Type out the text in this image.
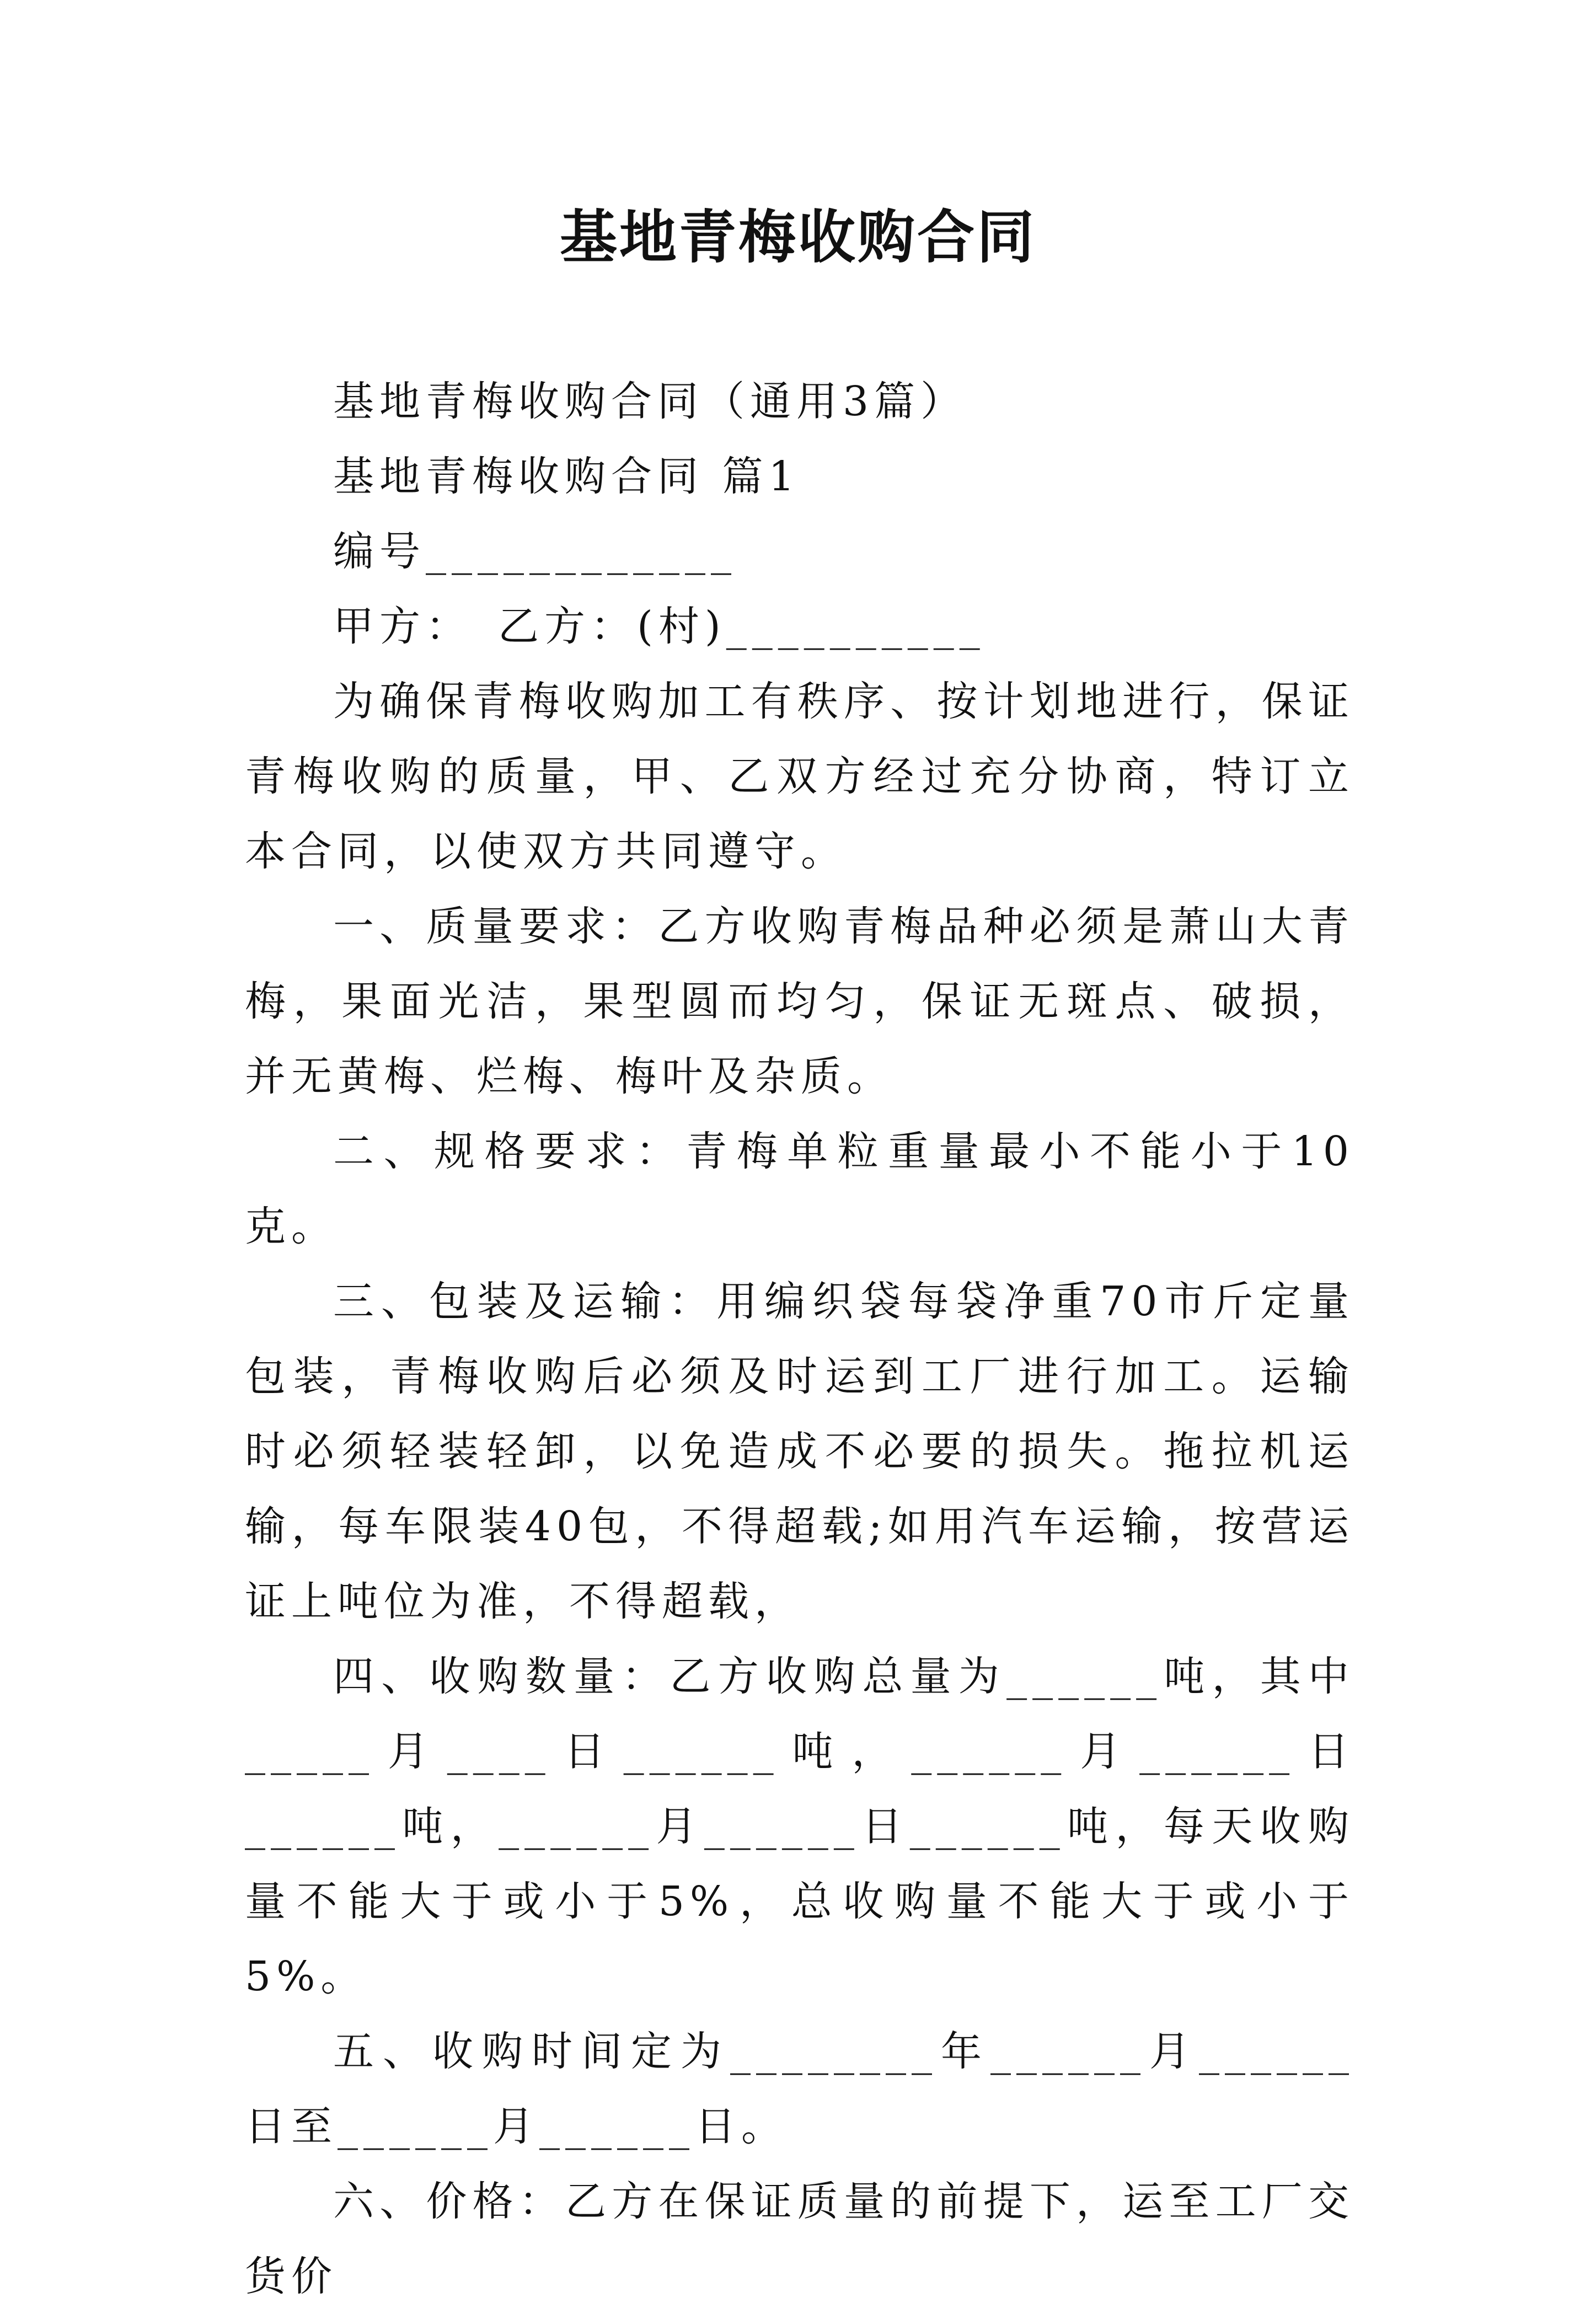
基地青梅收购合同

基地青梅收购合同（通用3篇）

基地青梅收购合同 篇1

编号____________

甲方：　乙方：(村)__________

为确保青梅收购加工有秩序、按计划地进行，保证青梅收购的质量，甲、乙双方经过充分协商，特订立本合同，以使双方共同遵守。

一、质量要求：乙方收购青梅品种必须是萧山大青梅，果面光洁，果型圆而均匀，保证无斑点、破损，并无黄梅、烂梅、梅叶及杂质。

二、规格要求：青梅单粒重量最小不能小于10克。

三、包装及运输：用编织袋每袋净重70市斤定量包装，青梅收购后必须及时运到工厂进行加工。运输时必须轻装轻卸，以免造成不必要的损失。拖拉机运输，每车限装40包，不得超载;如用汽车运输，按营运证上吨位为准，不得超载，

四、收购数量：乙方收购总量为______吨，其中_____月____日______吨，______月______日______吨，______月______日______吨，每天收购量不能大于或小于5%，总收购量不能大于或小于5%。

五、收购时间定为________年______月______日至______月______日。

六、价格：乙方在保证质量的前提下，运至工厂交货价
